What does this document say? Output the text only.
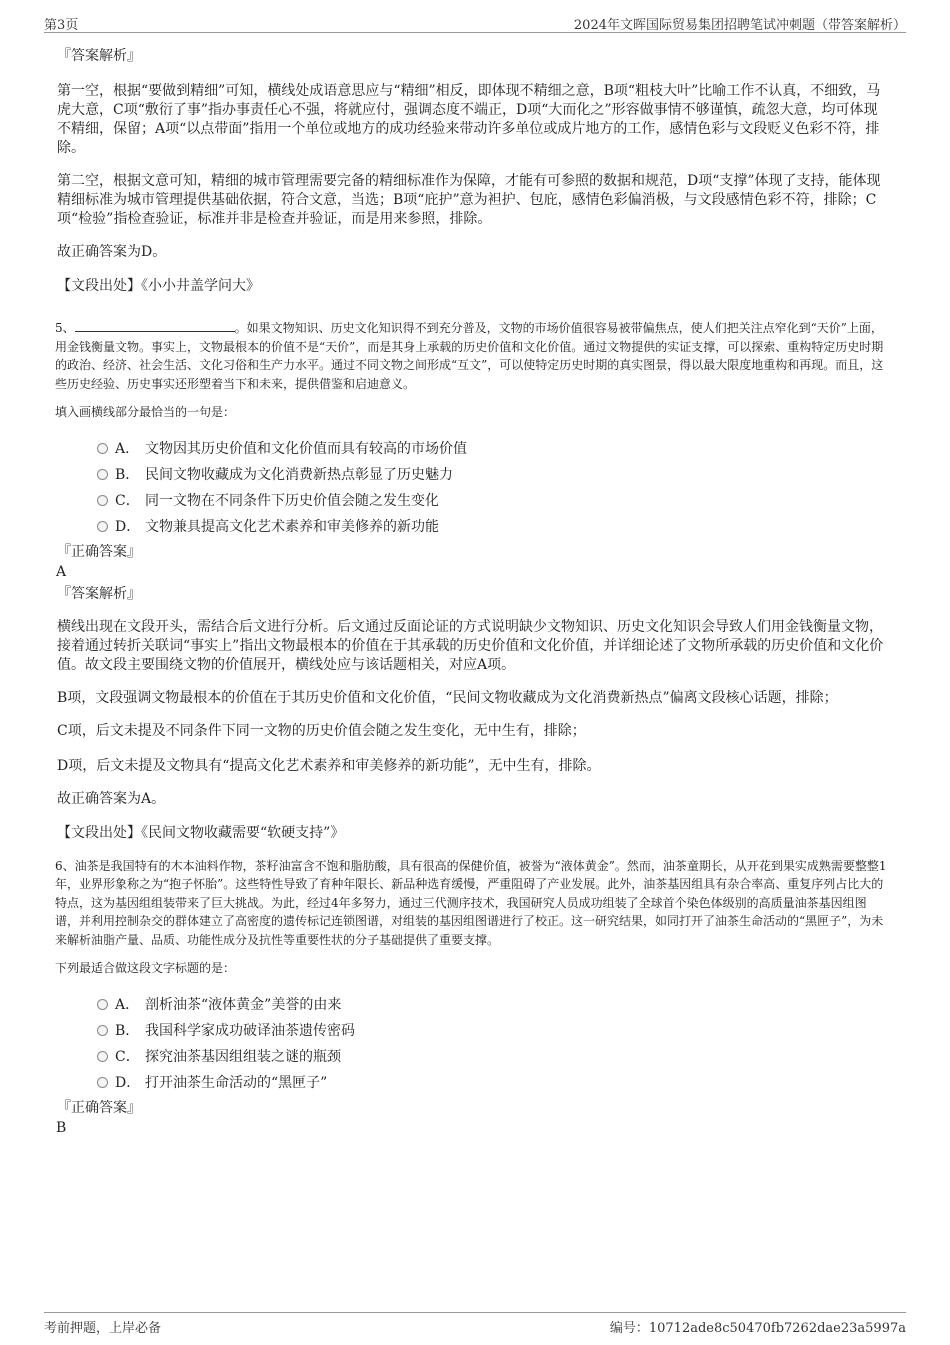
第3页	2024年文晖国际贸易集团招聘笔试冲刺题（带答案解析）

『答案解析』

第一空，根据“要做到精细”可知，横线处成语意思应与“精细”相反，即体现不精细之意，B项“粗枝大叶”比喻工作不认真，不细致，马虎大意，C项“敷衍了事”指办事责任心不强，将就应付，强调态度不端正，D项“大而化之”形容做事情不够谨慎，疏忽大意，均可体现不精细，保留；A项“以点带面”指用一个单位或地方的成功经验来带动许多单位或成片地方的工作，感情色彩与文段贬义色彩不符，排除。

第二空，根据文意可知，精细的城市管理需要完备的精细标准作为保障，才能有可参照的数据和规范，D项“支撑”体现了支持，能体现精细标准为城市管理提供基础依据，符合文意，当选；B项“庇护”意为袒护、包庇，感情色彩偏消极，与文段感情色彩不符，排除；C项“检验”指检查验证，标准并非是检查并验证，而是用来参照，排除。

故正确答案为D。

【文段出处】《小小井盖学问大》

5、	。如果文物知识、历史文化知识得不到充分普及，文物的市场价值很容易被带偏焦点，使人们把关注点窄化到“天价”上面，用金钱衡量文物。事实上，文物最根本的价值不是“天价”，而是其身上承载的历史价值和文化价值。通过文物提供的实证支撑，可以探索、重构特定历史时期的政治、经济、社会生活、文化习俗和生产力水平。通过不同文物之间形成“互文”，可以使特定历史时期的真实图景，得以最大限度地重构和再现。而且，这些历史经验、历史事实还形塑着当下和未来，提供借鉴和启迪意义。

填入画横线部分最恰当的一句是：

A． 文物因其历史价值和文化价值而具有较高的市场价值
B． 民间文物收藏成为文化消费新热点彰显了历史魅力
C． 同一文物在不同条件下历史价值会随之发生变化
D． 文物兼具提高文化艺术素养和审美修养的新功能

『正确答案』

A

『答案解析』

横线出现在文段开头，需结合后文进行分析。后文通过反面论证的方式说明缺少文物知识、历史文化知识会导致人们用金钱衡量文物，接着通过转折关联词“事实上”指出文物最根本的价值在于其承载的历史价值和文化价值，并详细论述了文物所承载的历史价值和文化价值。故文段主要围绕文物的价值展开，横线处应与该话题相关，对应A项。

B项，文段强调文物最根本的价值在于其历史价值和文化价值，“民间文物收藏成为文化消费新热点”偏离文段核心话题，排除；

C项，后文未提及不同条件下同一文物的历史价值会随之发生变化，无中生有，排除；

D项，后文未提及文物具有“提高文化艺术素养和审美修养的新功能”，无中生有，排除。

故正确答案为A。

【文段出处】《民间文物收藏需要“软硬支持”》

6、油茶是我国特有的木本油料作物，茶籽油富含不饱和脂肪酸，具有很高的保健价值，被誉为“液体黄金”。然而，油茶童期长，从开花到果实成熟需要整整1年，业界形象称之为“抱子怀胎”。这些特性导致了育种年限长、新品种选育缓慢，严重阻碍了产业发展。此外，油茶基因组具有杂合率高、重复序列占比大的特点，这为基因组组装带来了巨大挑战。为此，经过4年多努力，通过三代测序技术，我国研究人员成功组装了全球首个染色体级别的高质量油茶基因组图谱，并利用控制杂交的群体建立了高密度的遗传标记连锁图谱，对组装的基因组图谱进行了校正。这一研究结果，如同打开了油茶生命活动的“黑匣子”，为未来解析油脂产量、品质、功能性成分及抗性等重要性状的分子基础提供了重要支撑。

下列最适合做这段文字标题的是：

A． 剖析油茶“液体黄金”美誉的由来
B． 我国科学家成功破译油茶遗传密码
C． 探究油茶基因组组装之谜的瓶颈
D． 打开油茶生命活动的“黑匣子”

『正确答案』

B

考前押题，上岸必备	编号：10712ade8c50470fb7262dae23a5997a
